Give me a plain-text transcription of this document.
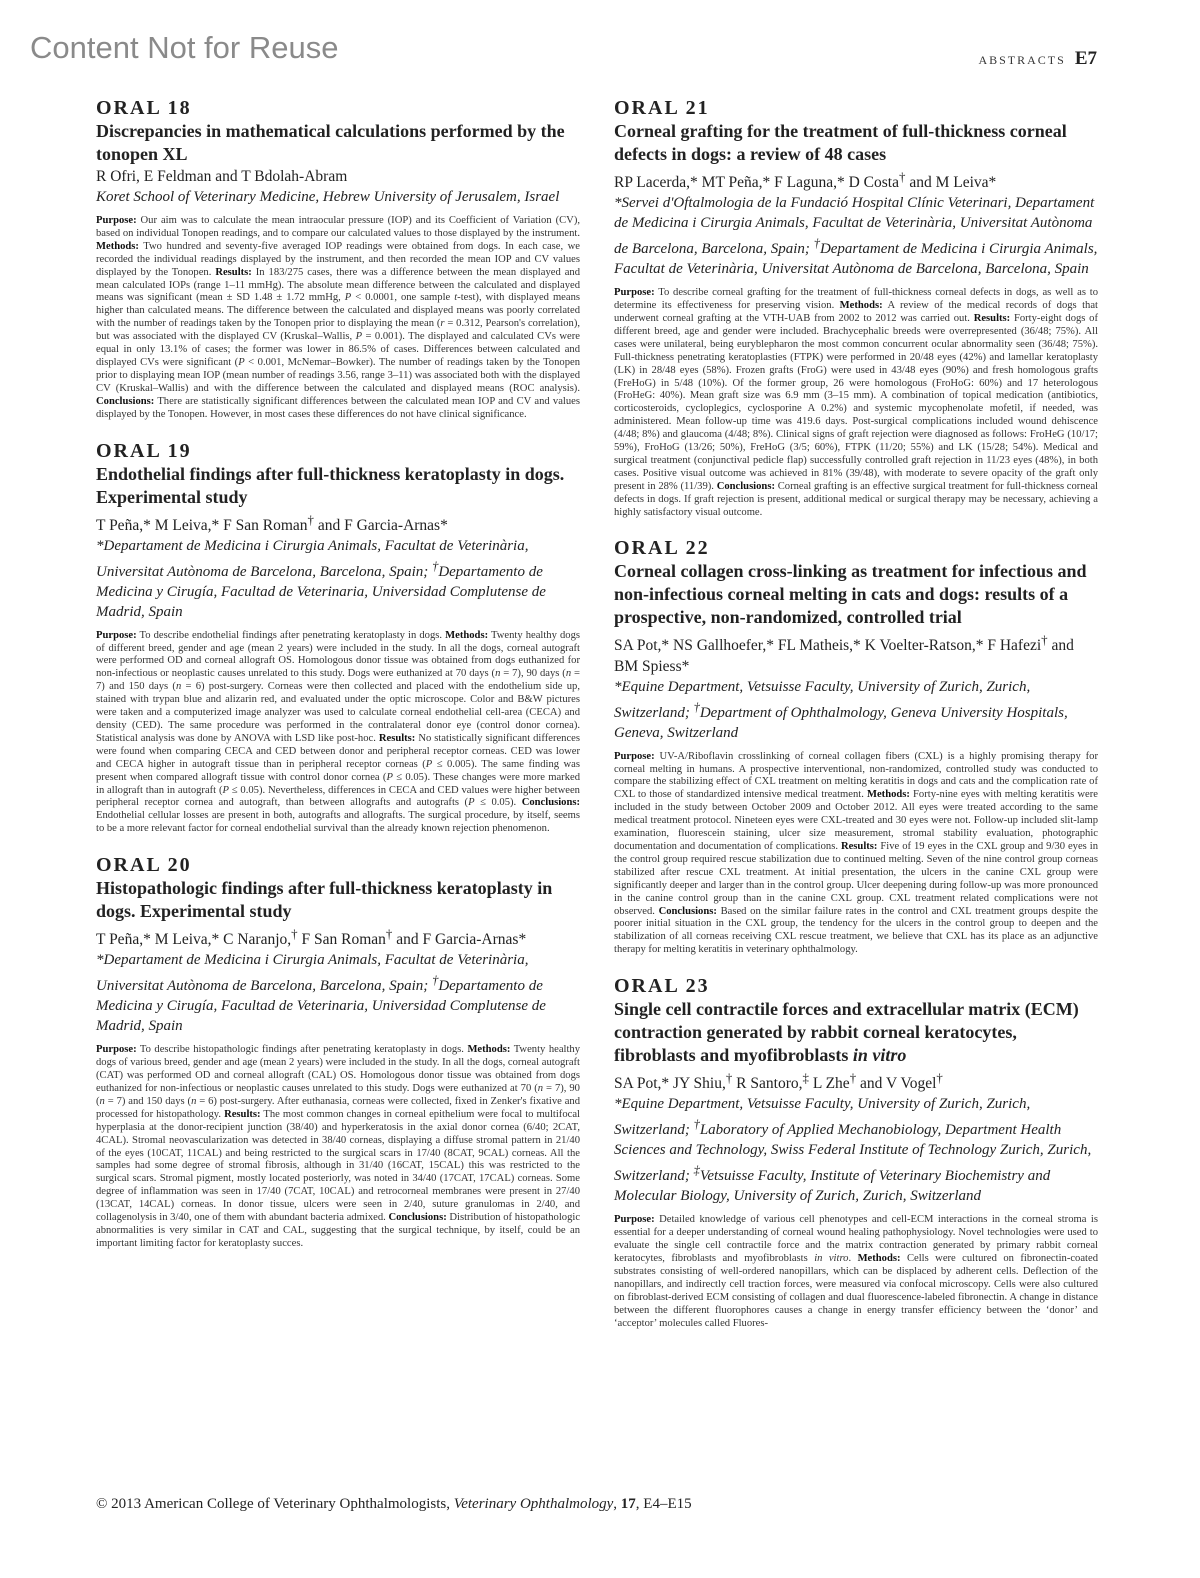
Content Not for Reuse	ABSTRACTS E7
ORAL 18
Discrepancies in mathematical calculations performed by the tonopen XL
R Ofri, E Feldman and T Bdolah-Abram
Koret School of Veterinary Medicine, Hebrew University of Jerusalem, Israel
Purpose: Our aim was to calculate the mean intraocular pressure (IOP) and its Coefficient of Variation (CV), based on individual Tonopen readings, and to compare our calculated values to those displayed by the instrument. Methods: Two hundred and seventy-five averaged IOP readings were obtained from dogs. In each case, we recorded the individual readings displayed by the instrument, and then recorded the mean IOP and CV values displayed by the Tonopen. Results: In 183/275 cases, there was a difference between the mean displayed and mean calculated IOPs (range 1–11 mmHg). The absolute mean difference between the calculated and displayed means was significant (mean ± SD 1.48 ± 1.72 mmHg, P < 0.0001, one sample t-test), with displayed means higher than calculated means. The difference between the calculated and displayed means was poorly correlated with the number of readings taken by the Tonopen prior to displaying the mean (r = 0.312, Pearson's correlation), but was associated with the displayed CV (Kruskal–Wallis, P = 0.001). The displayed and calculated CVs were equal in only 13.1% of cases; the former was lower in 86.5% of cases. Differences between calculated and displayed CVs were significant (P < 0.001, McNemar–Bowker). The number of readings taken by the Tonopen prior to displaying mean IOP (mean number of readings 3.56, range 3–11) was associated both with the displayed CV (Kruskal–Wallis) and with the difference between the calculated and displayed means (ROC analysis). Conclusions: There are statistically significant differences between the calculated mean IOP and CV and values displayed by the Tonopen. However, in most cases these differences do not have clinical significance.
ORAL 19
Endothelial findings after full-thickness keratoplasty in dogs. Experimental study
T Peña,* M Leiva,* F San Roman† and F Garcia-Arnas*
*Departament de Medicina i Cirurgia Animals, Facultat de Veterinària, Universitat Autònoma de Barcelona, Barcelona, Spain; †Departamento de Medicina y Cirugía, Facultad de Veterinaria, Universidad Complutense de Madrid, Spain
Purpose: To describe endothelial findings after penetrating keratoplasty in dogs. Methods: Twenty healthy dogs of different breed, gender and age (mean 2 years) were included in the study. In all the dogs, corneal autograft were performed OD and corneal allograft OS. Homologous donor tissue was obtained from dogs euthanized for non-infectious or neoplastic causes unrelated to this study. Dogs were euthanized at 70 days (n = 7), 90 days (n = 7) and 150 days (n = 6) post-surgery. Corneas were then collected and placed with the endothelium side up, stained with trypan blue and alizarin red, and evaluated under the optic microscope. Color and B&W pictures were taken and a computerized image analyzer was used to calculate corneal endothelial cell-area (CECA) and density (CED). The same procedure was performed in the contralateral donor eye (control donor cornea). Statistical analysis was done by ANOVA with LSD like post-hoc. Results: No statistically significant differences were found when comparing CECA and CED between donor and peripheral receptor corneas. CED was lower and CECA higher in autograft tissue than in peripheral receptor corneas (P ≤ 0.005). The same finding was present when compared allograft tissue with control donor cornea (P ≤ 0.05). These changes were more marked in allograft than in autograft (P ≤ 0.05). Nevertheless, differences in CECA and CED values were higher between peripheral receptor cornea and autograft, than between allografts and autografts (P ≤ 0.05). Conclusions: Endothelial cellular losses are present in both, autografts and allografts. The surgical procedure, by itself, seems to be a more relevant factor for corneal endothelial survival than the already known rejection phenomenon.
ORAL 20
Histopathologic findings after full-thickness keratoplasty in dogs. Experimental study
T Peña,* M Leiva,* C Naranjo,† F San Roman† and F Garcia-Arnas*
*Departament de Medicina i Cirurgia Animals, Facultat de Veterinària, Universitat Autònoma de Barcelona, Barcelona, Spain; †Departamento de Medicina y Cirugía, Facultad de Veterinaria, Universidad Complutense de Madrid, Spain
Purpose: To describe histopathologic findings after penetrating keratoplasty in dogs. Methods: Twenty healthy dogs of various breed, gender and age (mean 2 years) were included in the study. In all the dogs, corneal autograft (CAT) was performed OD and corneal allograft (CAL) OS. Homologous donor tissue was obtained from dogs euthanized for non-infectious or neoplastic causes unrelated to this study. Dogs were euthanized at 70 (n = 7), 90 (n = 7) and 150 days (n = 6) post-surgery. After euthanasia, corneas were collected, fixed in Zenker's fixative and processed for histopathology. Results: The most common changes in corneal epithelium were focal to multifocal hyperplasia at the donor-recipient junction (38/40) and hyperkeratosis in the axial donor cornea (6/40; 2CAT, 4CAL). Stromal neovascularization was detected in 38/40 corneas, displaying a diffuse stromal pattern in 21/40 of the eyes (10CAT, 11CAL) and being restricted to the surgical scars in 17/40 (8CAT, 9CAL) corneas. All the samples had some degree of stromal fibrosis, although in 31/40 (16CAT, 15CAL) this was restricted to the surgical scars. Stromal pigment, mostly located posteriorly, was noted in 34/40 (17CAT, 17CAL) corneas. Some degree of inflammation was seen in 17/40 (7CAT, 10CAL) and retrocorneal membranes were present in 27/40 (13CAT, 14CAL) corneas. In donor tissue, ulcers were seen in 2/40, suture granulomas in 2/40, and collagenolysis in 3/40, one of them with abundant bacteria admixed. Conclusions: Distribution of histopathologic abnormalities is very similar in CAT and CAL, suggesting that the surgical technique, by itself, could be an important limiting factor for keratoplasty succes.
ORAL 21
Corneal grafting for the treatment of full-thickness corneal defects in dogs: a review of 48 cases
RP Lacerda,* MT Peña,* F Laguna,* D Costa† and M Leiva*
*Servei d'Oftalmologia de la Fundació Hospital Clínic Veterinari, Departament de Medicina i Cirurgia Animals, Facultat de Veterinària, Universitat Autònoma de Barcelona, Barcelona, Spain; †Departament de Medicina i Cirurgia Animals, Facultat de Veterinària, Universitat Autònoma de Barcelona, Barcelona, Spain
Purpose: To describe corneal grafting for the treatment of full-thickness corneal defects in dogs, as well as to determine its effectiveness for preserving vision. Methods: A review of the medical records of dogs that underwent corneal grafting at the VTH-UAB from 2002 to 2012 was carried out. Results: Forty-eight dogs of different breed, age and gender were included. Brachycephalic breeds were overrepresented (36/48; 75%). All cases were unilateral, being euryblepharon the most common concurrent ocular abnormality seen (36/48; 75%). Full-thickness penetrating keratoplasties (FTPK) were performed in 20/48 eyes (42%) and lamellar keratoplasty (LK) in 28/48 eyes (58%). Frozen grafts (FroG) were used in 43/48 eyes (90%) and fresh homologous grafts (FreHoG) in 5/48 (10%). Of the former group, 26 were homologous (FroHoG: 60%) and 17 heterologous (FroHeG: 40%). Mean graft size was 6.9 mm (3–15 mm). A combination of topical medication (antibiotics, corticosteroids, cycloplegics, cyclosporine A 0.2%) and systemic mycophenolate mofetil, if needed, was administered. Mean follow-up time was 419.6 days. Post-surgical complications included wound dehiscence (4/48; 8%) and glaucoma (4/48; 8%). Clinical signs of graft rejection were diagnosed as follows: FroHeG (10/17; 59%), FroHoG (13/26; 50%), FreHoG (3/5; 60%), FTPK (11/20; 55%) and LK (15/28; 54%). Medical and surgical treatment (conjunctival pedicle flap) successfully controlled graft rejection in 11/23 eyes (48%), in both cases. Positive visual outcome was achieved in 81% (39/48), with moderate to severe opacity of the graft only present in 28% (11/39). Conclusions: Corneal grafting is an effective surgical treatment for full-thickness corneal defects in dogs. If graft rejection is present, additional medical or surgical therapy may be necessary, achieving a highly satisfactory visual outcome.
ORAL 22
Corneal collagen cross-linking as treatment for infectious and non-infectious corneal melting in cats and dogs: results of a prospective, non-randomized, controlled trial
SA Pot,* NS Gallhoefer,* FL Matheis,* K Voelter-Ratson,* F Hafezi† and BM Spiess*
*Equine Department, Vetsuisse Faculty, University of Zurich, Zurich, Switzerland; †Department of Ophthalmology, Geneva University Hospitals, Geneva, Switzerland
Purpose: UV-A/Riboflavin crosslinking of corneal collagen fibers (CXL) is a highly promising therapy for corneal melting in humans. A prospective interventional, non-randomized, controlled study was conducted to compare the stabilizing effect of CXL treatment on melting keratitis in dogs and cats and the complication rate of CXL to those of standardized intensive medical treatment. Methods: Forty-nine eyes with melting keratitis were included in the study between October 2009 and October 2012. All eyes were treated according to the same medical treatment protocol. Nineteen eyes were CXL-treated and 30 eyes were not. Follow-up included slit-lamp examination, fluorescein staining, ulcer size measurement, stromal stability evaluation, photographic documentation and documentation of complications. Results: Five of 19 eyes in the CXL group and 9/30 eyes in the control group required rescue stabilization due to continued melting. Seven of the nine control group corneas stabilized after rescue CXL treatment. At initial presentation, the ulcers in the canine CXL group were significantly deeper and larger than in the control group. Ulcer deepening during follow-up was more pronounced in the canine control group than in the canine CXL group. CXL treatment related complications were not observed. Conclusions: Based on the similar failure rates in the control and CXL treatment groups despite the poorer initial situation in the CXL group, the tendency for the ulcers in the control group to deepen and the stabilization of all corneas receiving CXL rescue treatment, we believe that CXL has its place as an adjunctive therapy for melting keratitis in veterinary ophthalmology.
ORAL 23
Single cell contractile forces and extracellular matrix (ECM) contraction generated by rabbit corneal keratocytes, fibroblasts and myofibroblasts in vitro
SA Pot,* JY Shiu,† R Santoro,‡ L Zhe† and V Vogel†
*Equine Department, Vetsuisse Faculty, University of Zurich, Zurich, Switzerland; †Laboratory of Applied Mechanobiology, Department Health Sciences and Technology, Swiss Federal Institute of Technology Zurich, Zurich, Switzerland; ‡Vetsuisse Faculty, Institute of Veterinary Biochemistry and Molecular Biology, University of Zurich, Zurich, Switzerland
Purpose: Detailed knowledge of various cell phenotypes and cell-ECM interactions in the corneal stroma is essential for a deeper understanding of corneal wound healing pathophysiology. Novel technologies were used to evaluate the single cell contractile force and the matrix contraction generated by primary rabbit corneal keratocytes, fibroblasts and myofibroblasts in vitro. Methods: Cells were cultured on fibronectin-coated substrates consisting of well-ordered nanopillars, which can be displaced by adherent cells. Deflection of the nanopillars, and indirectly cell traction forces, were measured via confocal microscopy. Cells were also cultured on fibroblast-derived ECM consisting of collagen and dual fluorescence-labeled fibronectin. A change in distance between the different fluorophores causes a change in energy transfer efficiency between the ‘donor’ and ‘acceptor’ molecules called Fluores-
© 2013 American College of Veterinary Ophthalmologists, Veterinary Ophthalmology, 17, E4–E15
